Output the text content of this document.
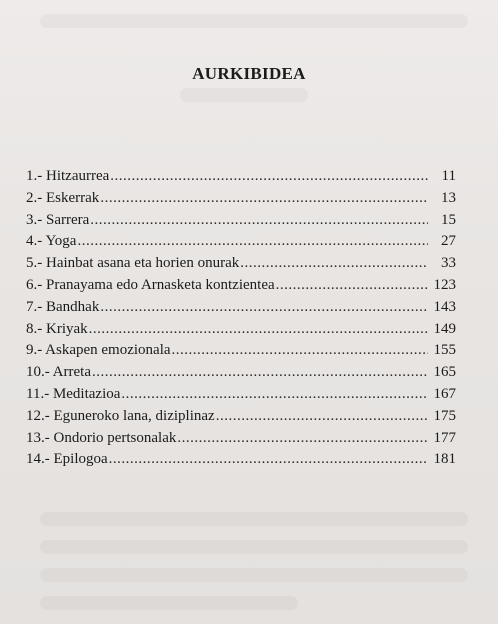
AURKIBIDEA
1.- Hitzaurrea .....	11
2.- Eskerrak .....	13
3.- Sarrera .....	15
4.- Yoga .....	27
5.- Hainbat asana eta horien onurak .....	33
6.- Pranayama edo Arnasketa kontzientea .....	123
7.- Bandhak .....	143
8.- Kriyak .....	149
9.- Askapen emozionala .....	155
10.- Arreta .....	165
11.- Meditazioa .....	167
12.- Eguneroko lana, diziplinaz .....	175
13.- Ondorio pertsonalak .....	177
14.- Epilogoa .....	181
